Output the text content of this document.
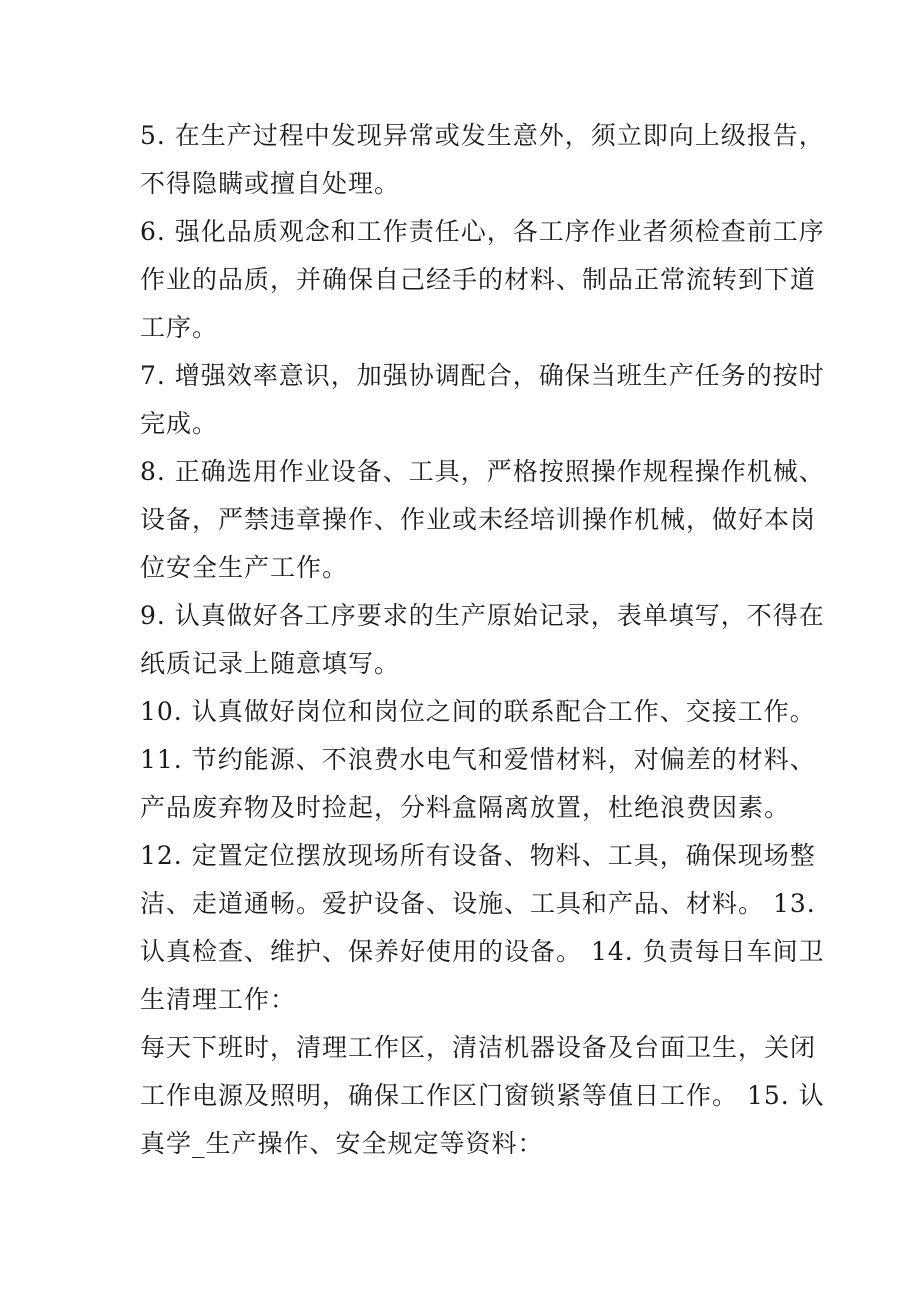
5. 在生产过程中发现异常或发生意外，须立即向上级报告，
不得隐瞒或擅自处理。
6. 强化品质观念和工作责任心，各工序作业者须检查前工序
作业的品质，并确保自己经手的材料、制品正常流转到下道
工序。
7. 增强效率意识，加强协调配合，确保当班生产任务的按时
完成。
8. 正确选用作业设备、工具，严格按照操作规程操作机械、
设备，严禁违章操作、作业或未经培训操作机械，做好本岗
位安全生产工作。
9. 认真做好各工序要求的生产原始记录，表单填写，不得在
纸质记录上随意填写。
10. 认真做好岗位和岗位之间的联系配合工作、交接工作。
11. 节约能源、不浪费水电气和爱惜材料，对偏差的材料、
产品废弃物及时捡起，分料盒隔离放置，杜绝浪费因素。
12. 定置定位摆放现场所有设备、物料、工具，确保现场整
洁、走道通畅。爱护设备、设施、工具和产品、材料。 13.
认真检查、维护、保养好使用的设备。 14. 负责每日车间卫
生清理工作：
每天下班时，清理工作区，清洁机器设备及台面卫生，关闭
工作电源及照明，确保工作区门窗锁紧等值日工作。 15. 认
真学_生产操作、安全规定等资料：
